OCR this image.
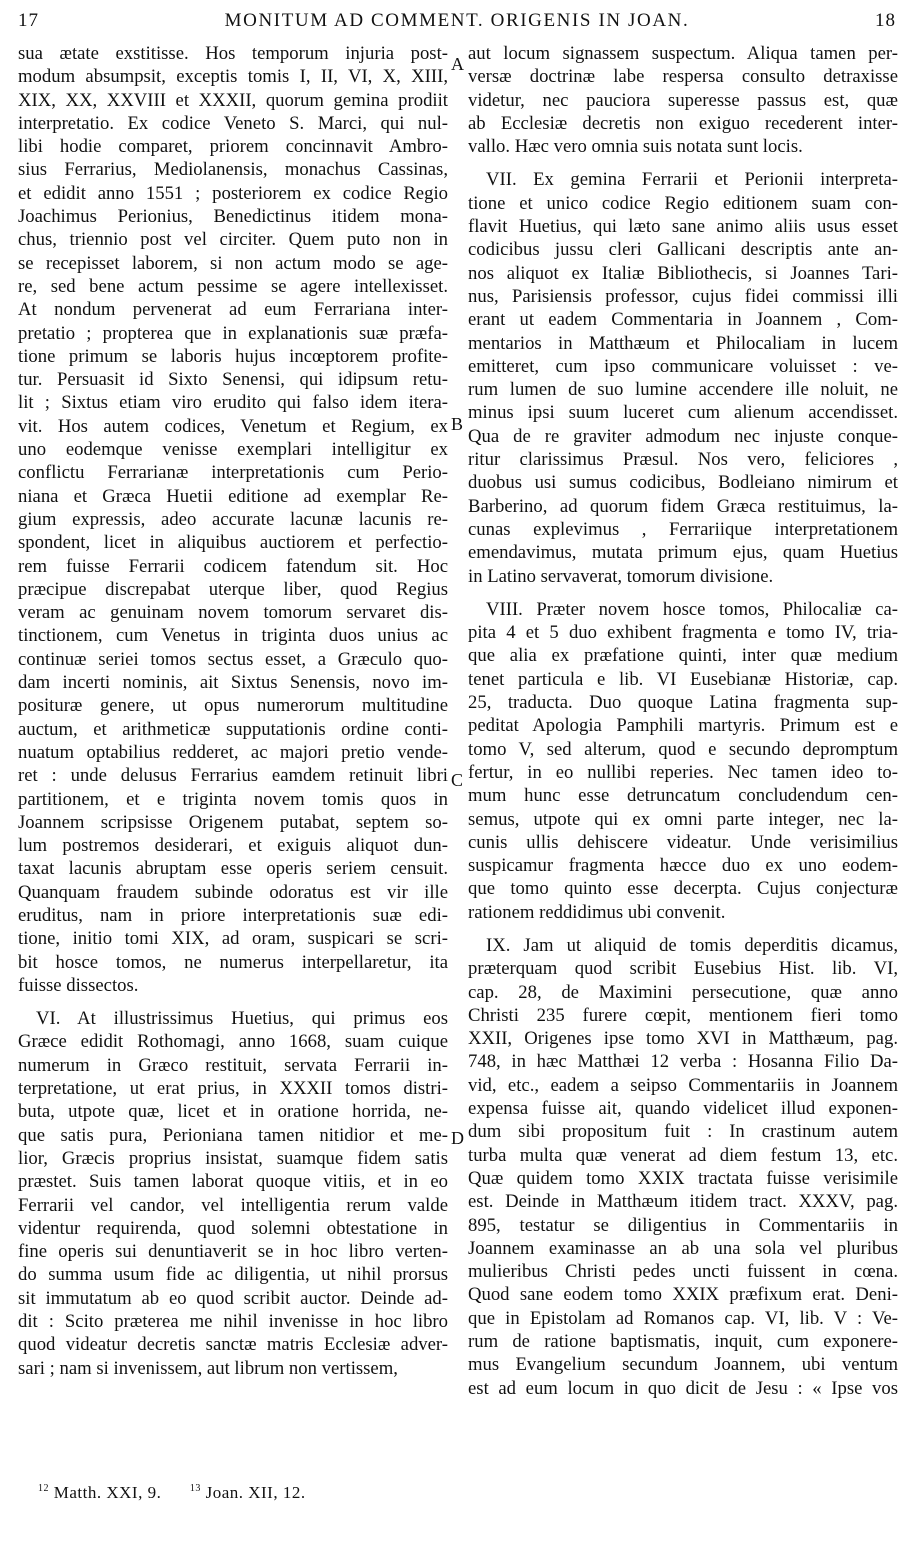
17	MONITUM AD COMMENT. ORIGENIS IN JOAN.	18
sua ætate exstitisse. Hos temporum injuria post-
modum absumpsit, exceptis tomis I, II, VI, X, XIII,
XIX, XX, XXVIII et XXXII, quorum gemina prodiit
interpretatio. Ex codice Veneto S. Marci, qui nul-
libi hodie comparet, priorem concinnavit Ambro-
sius Ferrarius, Mediolanensis, monachus Cassinas,
et edidit anno 1551 ; posteriorem ex codice Regio
Joachimus Perionius, Benedictinus itidem mona-
chus, triennio post vel circiter. Quem puto non in
se recepisset laborem, si non actum modo se age-
re, sed bene actum pessime se agere intellexisset.
At nondum pervenerat ad eum Ferrariana inter-
pretatio ; propterea que in explanationis suæ præfa-
tione primum se laboris hujus incœptorem profite-
tur. Persuasit id Sixto Senensi, qui idipsum retu-
lit ; Sixtus etiam viro erudito qui falso idem itera-
vit. Hos autem codices, Venetum et Regium, ex
uno eodemque venisse exemplari intelligitur ex
conflictu Ferrarianæ interpretationis cum Perio-
niana et Græca Huetii editione ad exemplar Re-
gium expressis, adeo accurate lacunæ lacunis re-
spondent, licet in aliquibus auctiorem et perfectio-
rem fuisse Ferrarii codicem fatendum sit. Hoc
præcipue discrepabat uterque liber, quod Regius
veram ac genuinam novem tomorum servaret dis-
tinctionem, cum Venetus in triginta duos unius ac
continuæ seriei tomos sectus esset, a Græculo quo-
dam incerti nominis, ait Sixtus Senensis, novo im-
posituræ genere, ut opus numerorum multitudine
auctum, et arithmeticæ supputationis ordine conti-
nuatum optabilius redderet, ac majori pretio vende-
ret : unde delusus Ferrarius eamdem retinuit libri
partitionem, et e triginta novem tomis quos in
Joannem scripsisse Origenem putabat, septem so-
lum postremos desiderari, et exiguis aliquot dun-
taxat lacunis abruptam esse operis seriem censuit.
Quanquam fraudem subinde odoratus est vir ille
eruditus, nam in priore interpretationis suæ edi-
tione, initio tomi XIX, ad oram, suspicari se scri-
bit hosce tomos, ne numerus interpellaretur, ita
fuisse dissectos.
VI. At illustrissimus Huetius, qui primus eos
Græce edidit Rothomagi, anno 1668, suam cuique
numerum in Græco restituit, servata Ferrarii in-
terpretatione, ut erat prius, in XXXII tomos distri-
buta, utpote quæ, licet et in oratione horrida, ne-
que satis pura, Perioniana tamen nitidior et me-
lior, Græcis proprius insistat, suamque fidem satis
præstet. Suis tamen laborat quoque vitiis, et in eo
Ferrarii vel candor, vel intelligentia rerum valde
videntur requirenda, quod solemni obtestatione in
fine operis sui denuntiaverit se in hoc libro verten-
do summa usum fide ac diligentia, ut nihil prorsus
sit immutatum ab eo quod scribit auctor. Deinde ad-
dit : Scito præterea me nihil invenisse in hoc libro
quod videatur decretis sanctæ matris Ecclesiæ adver-
sari ; nam si invenissem, aut librum non vertissem,
aut locum signassem suspectum. Aliqua tamen per-
versæ doctrinæ labe respersa consulto detraxisse
videtur, nec pauciora superesse passus est, quæ
ab Ecclesiæ decretis non exiguo recederent inter-
vallo. Hæc vero omnia suis notata sunt locis.
VII. Ex gemina Ferrarii et Perionii interpreta-
tione et unico codice Regio editionem suam con-
flavit Huetius, qui læto sane animo aliis usus esset
codicibus jussu cleri Gallicani descriptis ante an-
nos aliquot ex Italiæ Bibliothecis, si Joannes Tari-
nus, Parisiensis professor, cujus fidei commissi illi
erant ut eadem Commentaria in Joannem , Com-
mentarios in Matthæum et Philocaliam in lucem
emitteret, cum ipso communicare voluisset : ve-
rum lumen de suo lumine accendere ille noluit, ne
minus ipsi suum luceret cum alienum accendisset.
Qua de re graviter admodum nec injuste conque-
ritur clarissimus Præsul. Nos vero, feliciores ,
duobus usi sumus codicibus, Bodleiano nimirum et
Barberino, ad quorum fidem Græca restituimus, la-
cunas explevimus , Ferrariique interpretationem
emendavimus, mutata primum ejus, quam Huetius
in Latino servaverat, tomorum divisione.
VIII. Præter novem hosce tomos, Philocaliæ ca-
pita 4 et 5 duo exhibent fragmenta e tomo IV, tria-
que alia ex præfatione quinti, inter quæ medium
tenet particula e lib. VI Eusebianæ Historiæ, cap.
25, traducta. Duo quoque Latina fragmenta sup-
peditat Apologia Pamphili martyris. Primum est e
tomo V, sed alterum, quod e secundo depromptum
fertur, in eo nullibi reperies. Nec tamen ideo to-
mum hunc esse detruncatum concludendum cen-
semus, utpote qui ex omni parte integer, nec la-
cunis ullis dehiscere videatur. Unde verisimilius
suspicamur fragmenta hæcce duo ex uno eodem-
que tomo quinto esse decerpta. Cujus conjecturæ
rationem reddidimus ubi convenit.
IX. Jam ut aliquid de tomis deperditis dicamus,
præterquam quod scribit Eusebius Hist. lib. VI,
cap. 28, de Maximini persecutione, quæ anno
Christi 235 furere cœpit, mentionem fieri tomo
XXII, Origenes ipse tomo XVI in Matthæum, pag.
748, in hæc Matthæi 12 verba : Hosanna Filio Da-
vid, etc., eadem a seipso Commentariis in Joannem
expensa fuisse ait, quando videlicet illud exponen-
dum sibi propositum fuit : In crastinum autem
turba multa quæ venerat ad diem festum 13, etc.
Quæ quidem tomo XXIX tractata fuisse verisimile
est. Deinde in Matthæum itidem tract. XXXV, pag.
895, testatur se diligentius in Commentariis in
Joannem examinasse an ab una sola vel pluribus
mulieribus Christi pedes uncti fuissent in cœna.
Quod sane eodem tomo XXIX præfixum erat. Deni-
que in Epistolam ad Romanos cap. VI, lib. V : Ve-
rum de ratione baptismatis, inquit, cum exponere-
mus Evangelium secundum Joannem, ubi ventum
est ad eum locum in quo dicit de Jesu : « Ipse vos
A
B
C
D
$^{12}$ Matth. XXI, 9.	$^{13}$ Joan. XII, 12.
